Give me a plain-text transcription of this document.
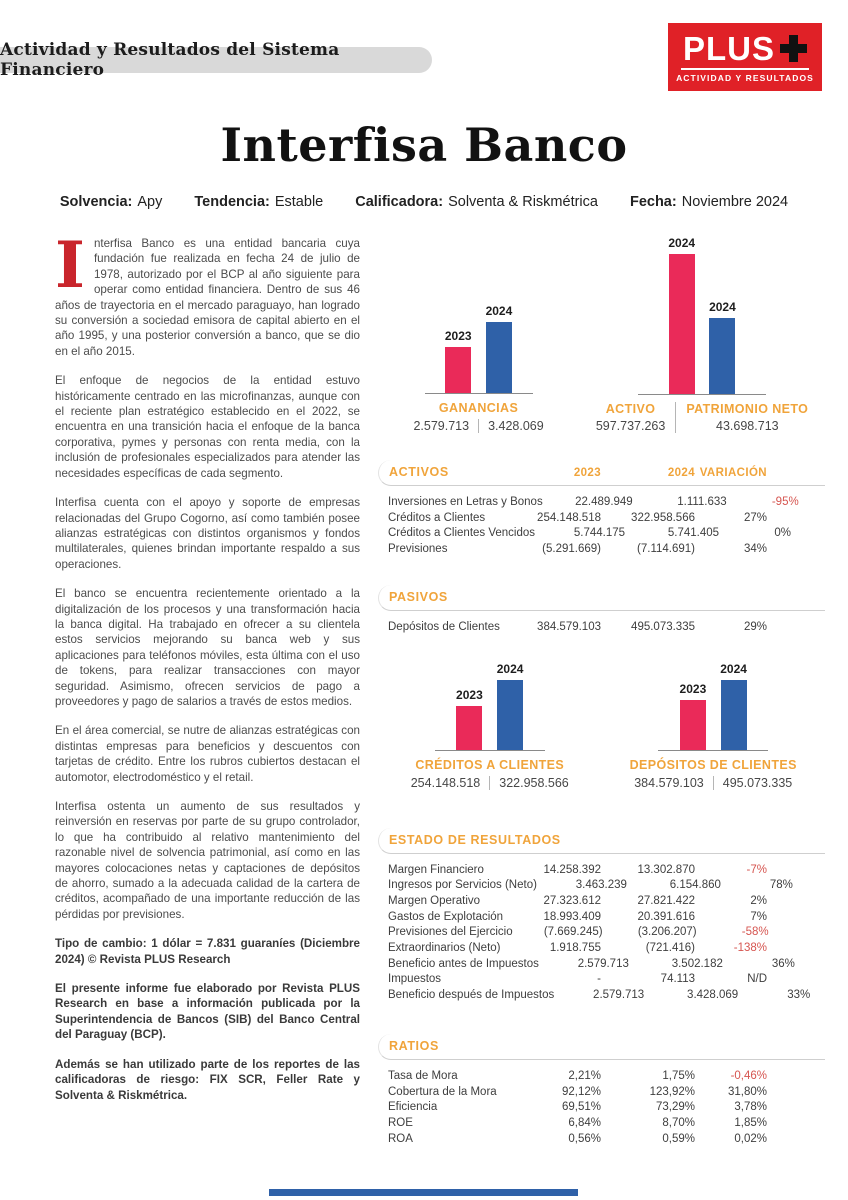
Actividad y Resultados del Sistema Financiero
PLUS
ACTIVIDAD Y RESULTADOS
Interfisa Banco
Solvencia: Apy Tendencia: Estable Calificadora: Solventa & Riskmétrica Fecha: Noviembre 2024

Interfisa Banco es una entidad bancaria cuya fundación fue realizada en fecha 24 de julio de 1978, autorizado por el BCP al año siguiente para operar como entidad financiera. Dentro de sus 46 años de trayectoria en el mercado paraguayo, han logrado su conversión a sociedad emisora de capital abierto en el año 1995, y una posterior conversión a banco, que se dio en el año 2015.

El enfoque de negocios de la entidad estuvo históricamente centrado en las microfinanzas, aunque con el reciente plan estratégico establecido en el 2022, se encuentra en una transición hacia el enfoque de la banca corporativa, pymes y personas con renta media, con la inclusión de profesionales especializados para atender las necesidades específicas de cada segmento.

Interfisa cuenta con el apoyo y soporte de empresas relacionadas del Grupo Cogorno, así como también posee alianzas estratégicas con distintos organismos y fondos multilaterales, quienes brindan importante respaldo a sus operaciones.

El banco se encuentra recientemente orientado a la digitalización de los procesos y una transformación hacia la banca digital. Ha trabajado en ofrecer a su clientela estos servicios mejorando su banca web y sus aplicaciones para teléfonos móviles, esta última con el uso de tokens, para realizar transacciones con mayor seguridad. Asimismo, ofrecen servicios de pago a proveedores y pago de salarios a través de estos medios.

En el área comercial, se nutre de alianzas estratégicas con distintas empresas para beneficios y descuentos con tarjetas de crédito. Entre los rubros cubiertos destacan el automotor, electrodoméstico y el retail.

Interfisa ostenta un aumento de sus resultados y reinversión en reservas por parte de su grupo controlador, lo que ha contribuido al relativo mantenimiento del razonable nivel de solvencia patrimonial, así como en las mayores colocaciones netas y captaciones de depósitos de ahorro, sumado a la adecuada calidad de la cartera de créditos, acompañado de una importante reducción de las pérdidas por previsiones.

Tipo de cambio: 1 dólar = 7.831 guaraníes (Diciembre 2024) © Revista PLUS Research

El presente informe fue elaborado por Revista PLUS Research en base a información publicada por la Superintendencia de Bancos (SIB) del Banco Central del Paraguay (BCP).

Además se han utilizado parte de los reportes de las calificadoras de riesgo: FIX SCR, Feller Rate y Solventa & Riskmétrica.

2023
2024
GANANCIAS
2.579.713 3.428.069
2024
2024
ACTIVO
597.737.263
PATRIMONIO NETO
43.698.713
ACTIVOS	2023	2024 VARIACIÓN
Inversiones en Letras y Bonos	22.489.949	1.111.633	-95%
Créditos a Clientes	254.148.518	322.958.566	27%
Créditos a Clientes Vencidos	5.744.175	5.741.405	0%
Previsiones	(5.291.669)	(7.114.691)	34%
PASIVOS
Depósitos de Clientes	384.579.103	495.073.335	29%
2023
2024
CRÉDITOS A CLIENTES
254.148.518 322.958.566
2023
2024
DEPÓSITOS DE CLIENTES
384.579.103 495.073.335
ESTADO DE RESULTADOS
Margen Financiero	14.258.392	13.302.870	-7%
Ingresos por Servicios (Neto)	3.463.239	6.154.860	78%
Margen Operativo	27.323.612	27.821.422	2%
Gastos de Explotación	18.993.409	20.391.616	7%
Previsiones del Ejercicio	(7.669.245)	(3.206.207)	-58%
Extraordinarios (Neto)	1.918.755	(721.416)	-138%
Beneficio antes de Impuestos	2.579.713	3.502.182	36%
Impuestos	-	74.113	N/D
Beneficio después de Impuestos	2.579.713	3.428.069	33%
RATIOS
Tasa de Mora	2,21%	1,75%	-0,46%
Cobertura de la Mora	92,12%	123,92%	31,80%
Eficiencia	69,51%	73,29%	3,78%
ROE	6,84%	8,70%	1,85%
ROA	0,56%	0,59%	0,02%
